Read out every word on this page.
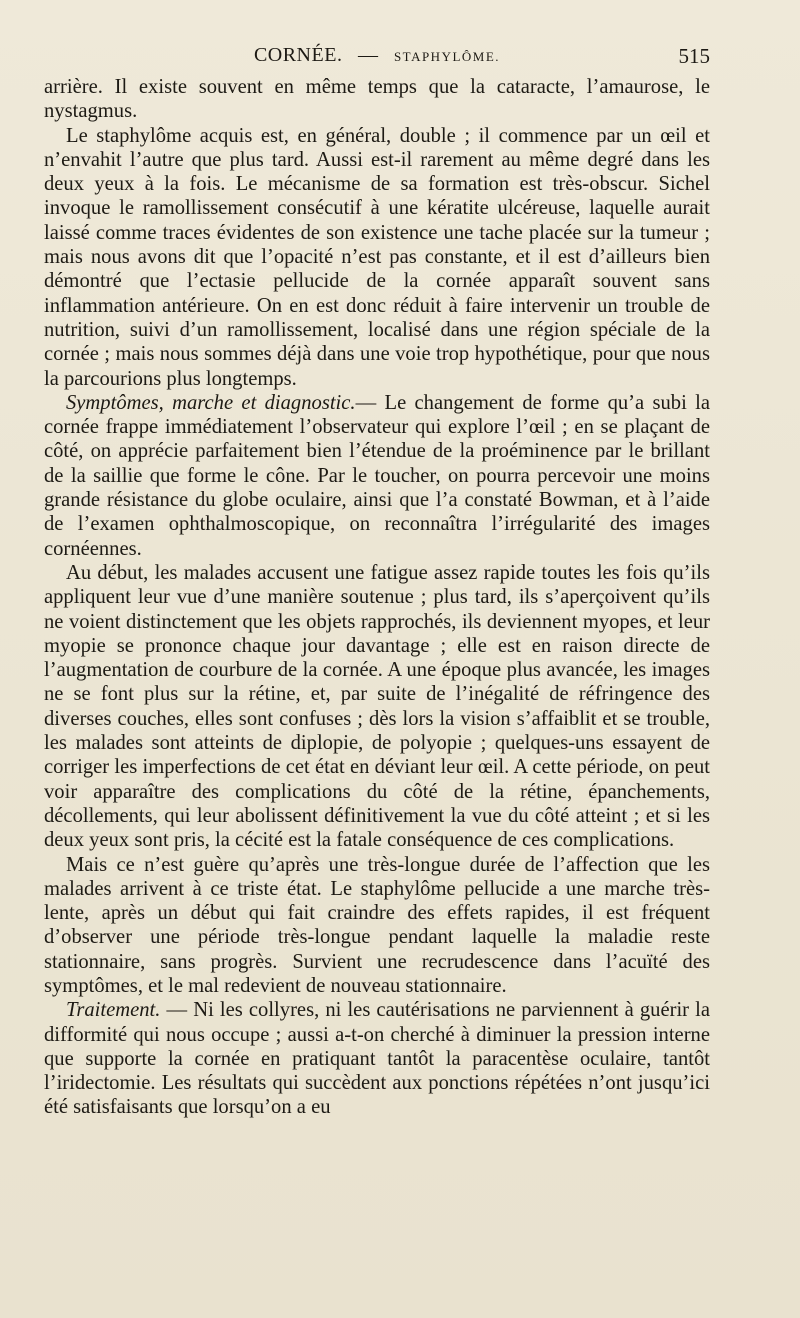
CORNÉE. — STAPHYLÔME.	515

arrière. Il existe souvent en même temps que la cataracte, l’amaurose, le nystagmus.

Le staphylôme acquis est, en général, double ; il commence par un œil et n’envahit l’autre que plus tard. Aussi est-il rarement au même degré dans les deux yeux à la fois. Le mécanisme de sa formation est très-obscur. Sichel invoque le ramollissement consécutif à une kératite ulcéreuse, laquelle aurait laissé comme traces évidentes de son existence une tache placée sur la tumeur ; mais nous avons dit que l’opacité n’est pas constante, et il est d’ailleurs bien démontré que l’ectasie pellucide de la cornée apparaît souvent sans inflammation antérieure. On en est donc réduit à faire intervenir un trouble de nutrition, suivi d’un ramollissement, localisé dans une région spéciale de la cornée ; mais nous sommes déjà dans une voie trop hypothétique, pour que nous la parcourions plus longtemps.

Symptômes, marche et diagnostic.— Le changement de forme qu’a subi la cornée frappe immédiatement l’observateur qui explore l’œil ; en se plaçant de côté, on apprécie parfaitement bien l’étendue de la proéminence par le brillant de la saillie que forme le cône. Par le toucher, on pourra percevoir une moins grande résistance du globe oculaire, ainsi que l’a constaté Bowman, et à l’aide de l’examen ophthalmoscopique, on reconnaîtra l’irrégularité des images cornéennes.

Au début, les malades accusent une fatigue assez rapide toutes les fois qu’ils appliquent leur vue d’une manière soutenue ; plus tard, ils s’aperçoivent qu’ils ne voient distinctement que les objets rapprochés, ils deviennent myopes, et leur myopie se prononce chaque jour davantage ; elle est en raison directe de l’augmentation de courbure de la cornée. A une époque plus avancée, les images ne se font plus sur la rétine, et, par suite de l’inégalité de réfringence des diverses couches, elles sont confuses ; dès lors la vision s’affaiblit et se trouble, les malades sont atteints de diplopie, de polyopie ; quelques-uns essayent de corriger les imperfections de cet état en déviant leur œil. A cette période, on peut voir apparaître des complications du côté de la rétine, épanchements, décollements, qui leur abolissent définitivement la vue du côté atteint ; et si les deux yeux sont pris, la cécité est la fatale conséquence de ces complications.

Mais ce n’est guère qu’après une très-longue durée de l’affection que les malades arrivent à ce triste état. Le staphylôme pellucide a une marche très-lente, après un début qui fait craindre des effets rapides, il est fréquent d’observer une période très-longue pendant laquelle la maladie reste stationnaire, sans progrès. Survient une recrudescence dans l’acuïté des symptômes, et le mal redevient de nouveau stationnaire.

Traitement. — Ni les collyres, ni les cautérisations ne parviennent à guérir la difformité qui nous occupe ; aussi a-t-on cherché à diminuer la pression interne que supporte la cornée en pratiquant tantôt la paracentèse oculaire, tantôt l’iridectomie. Les résultats qui succèdent aux ponctions répétées n’ont jusqu’ici été satisfaisants que lorsqu’on a eu
